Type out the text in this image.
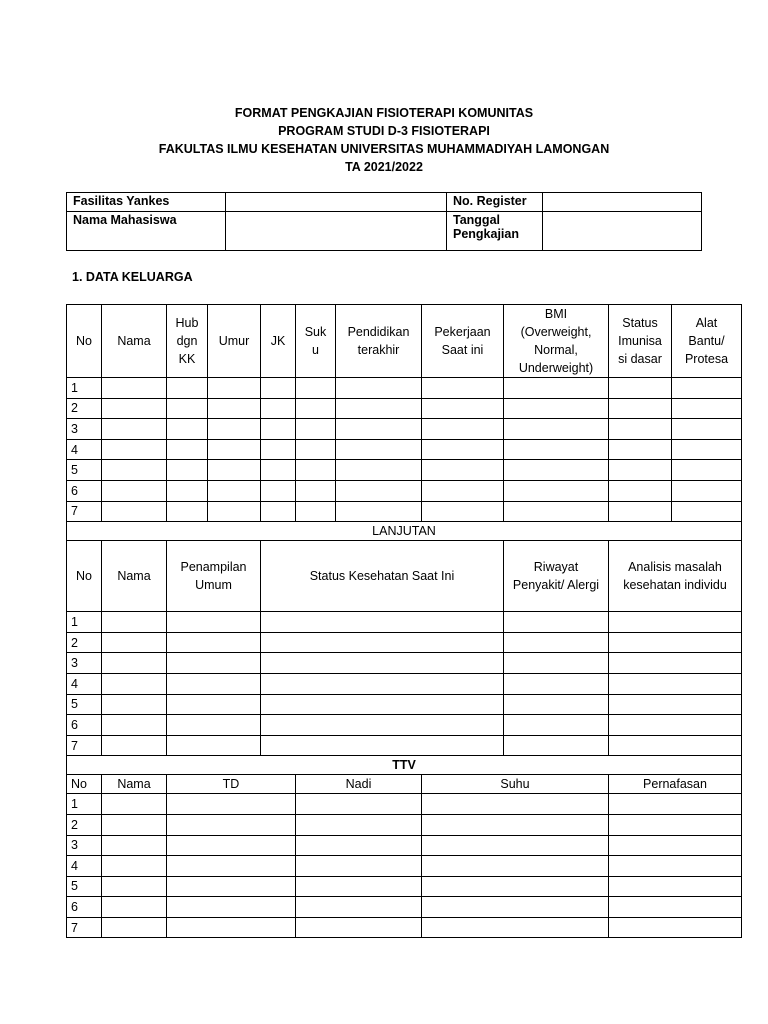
FORMAT PENGKAJIAN FISIOTERAPI KOMUNITAS
PROGRAM STUDI D-3 FISIOTERAPI
FAKULTAS ILMU KESEHATAN UNIVERSITAS MUHAMMADIYAH LAMONGAN
TA 2021/2022
Fasilitas Yankes		No. Register	
Nama Mahasiswa		Tanggal Pengkajian	
1. DATA KELUARGA
No	Nama	Hub dgn KK	Umur	JK	Suk u	Pendidikan terakhir	Pekerjaan Saat ini	BMI (Overweight, Normal, Underweight)	Status Imunisa si dasar	Alat Bantu/ Protesa
1										
2										
3										
4										
5										
6										
7										
LANJUTAN										
No	Nama	Penampilan Umum		Status Kesehatan Saat Ini				Riwayat Penyakit/ Alergi	Analisis masalah kesehatan individu	
1										
2										
3										
4										
5										
6										
7										
TTV										
No	Nama	TD			Nadi		Suhu		Pernafasan	
1										
2										
3										
4										
5										
6										
7										
